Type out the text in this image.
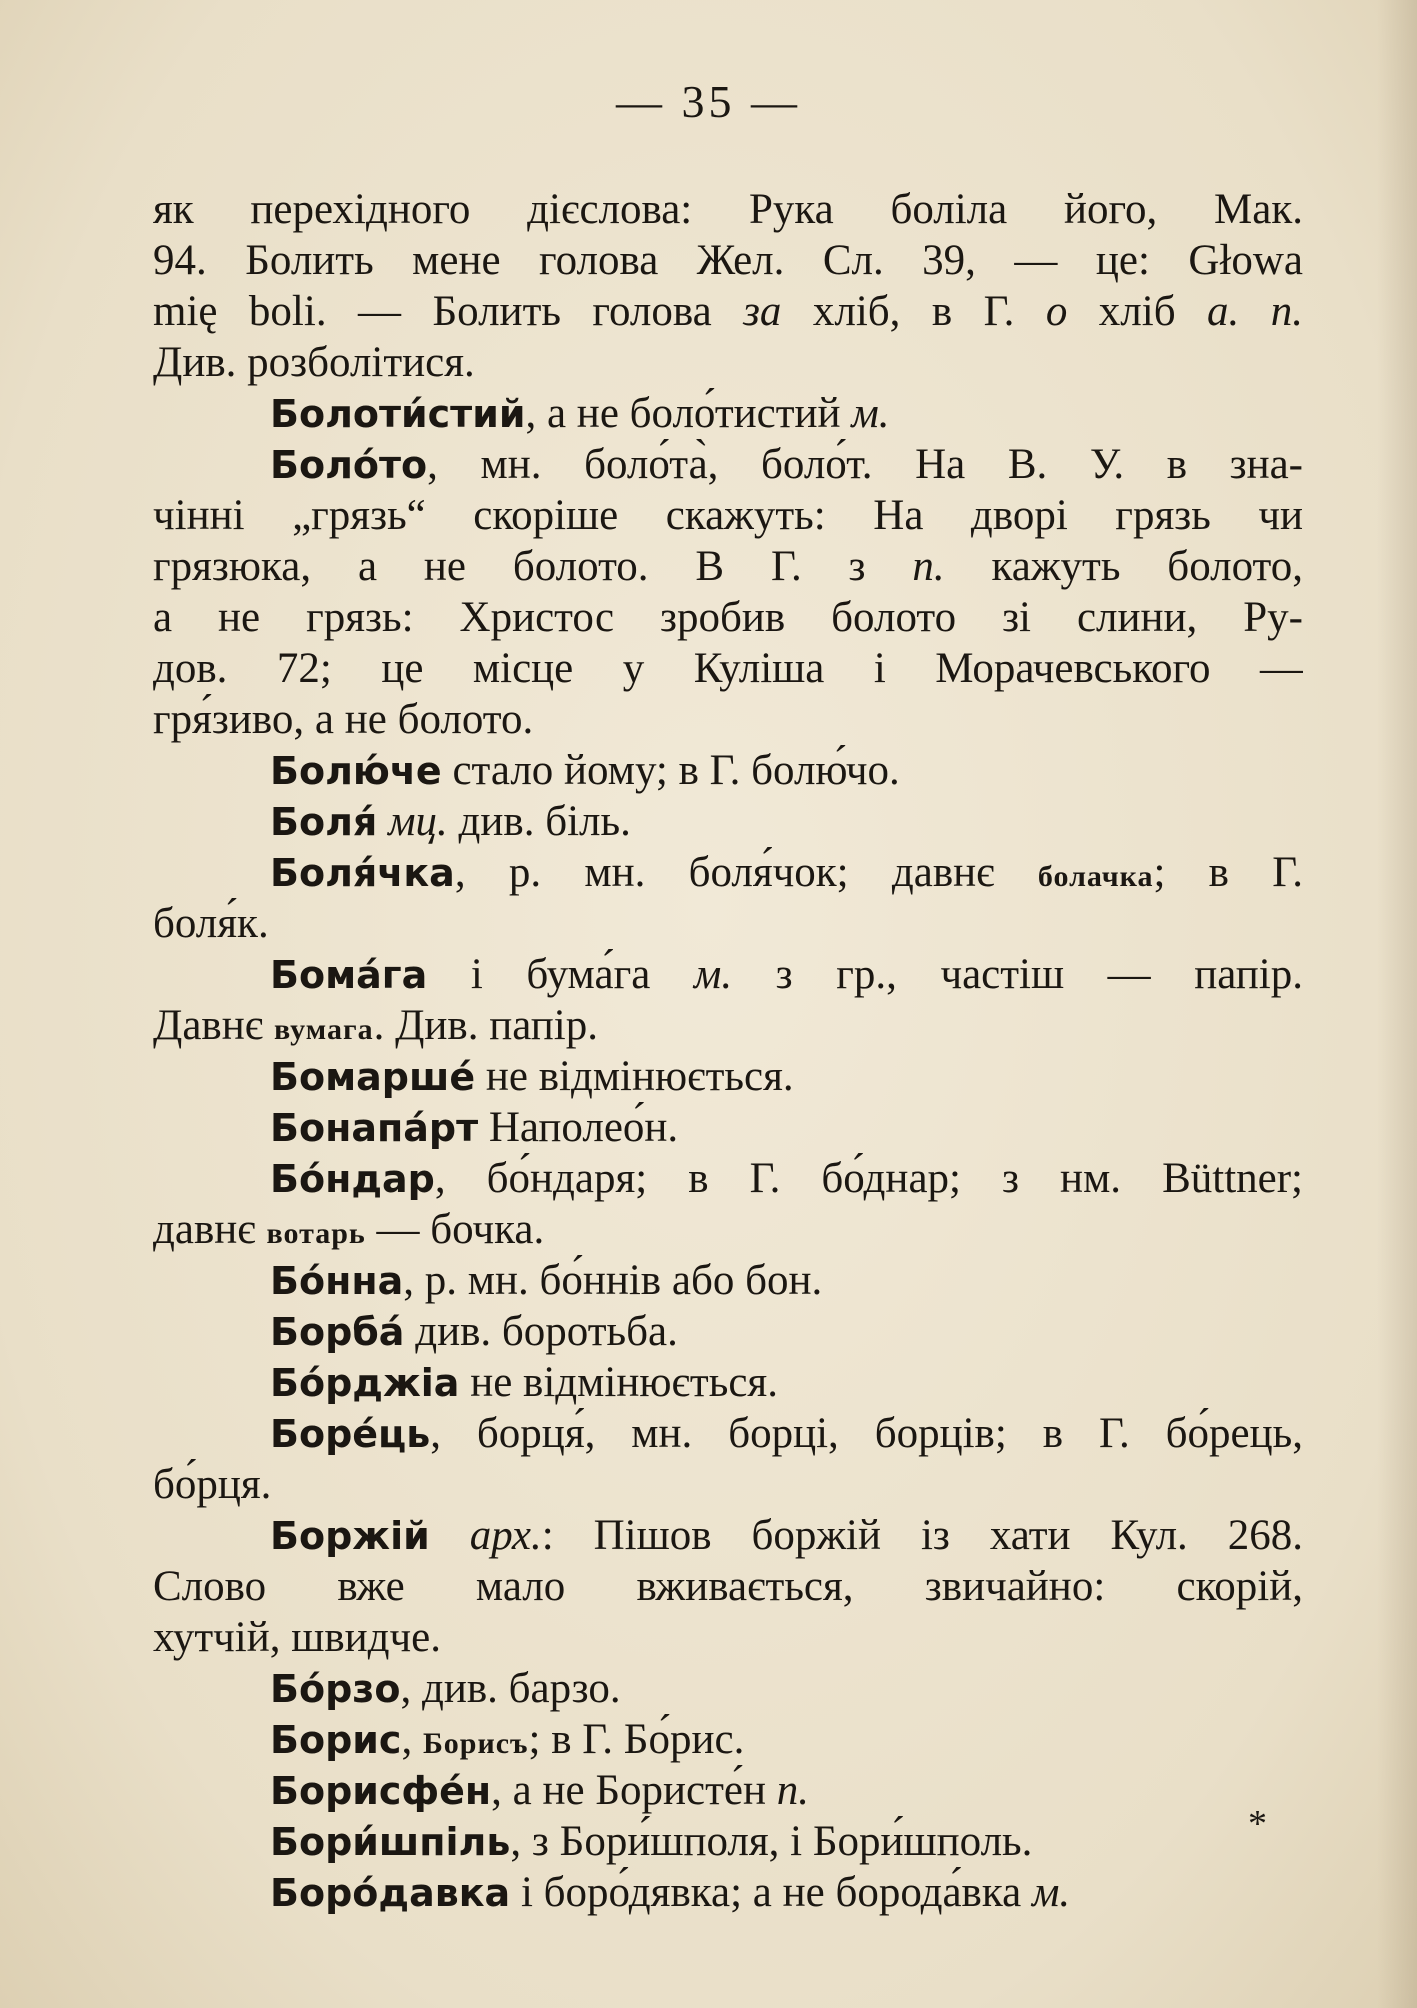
— 35 —
як перехідного дієслова: Рука боліла його, Мак.
94. Болить мене голова Жел. Сл. 39, — це: Głowa
mię boli. — Болить голова за хліб, в Г. о хліб а. п.
Див. розболітися.
Болоти́стий, а не боло́тистий м.
Боло́то, мн. боло́та̀, боло́т. На В. У. в зна-
чінні „грязь“ скоріше скажуть: На дворі грязь чи
грязюка, а не болото. В Г. з п. кажуть болото,
а не грязь: Христос зробив болото зі слини, Ру-
дов. 72; це місце у Куліша і Морачевського —
гря́зиво, а не болото.
Болю́че стало йому; в Г. болю́чо.
Боля́ мц. див. біль.
Боля́чка, р. мн. боля́чок; давнє болачка; в Г.
боля́к.
Бома́га і бума́га м. з гр., частіш — папір.
Давнє вумага. Див. папір.
Бомарше́ не відмінюється.
Бонапа́рт Наполео́н.
Бо́ндар, бо́ндаря; в Г. бо́днар; з нм. Büttner;
давнє вотарь — бочка.
Бо́нна, р. мн. бо́ннів або бон.
Борба́ див. боротьба.
Бо́рджіа не відмінюється.
Боре́ць, борця́, мн. борці, борців; в Г. бо́рець,
бо́рця.
Боржій арх.: Пішов боржій із хати Кул. 268.
Слово вже мало вживається, звичайно: скорій,
хутчій, швидче.
Бо́рзо, див. барзо.
Борис, Борисъ; в Г. Бо́рис.
Борисфе́н, а не Бористе́н п.
Бори́шпіль, з Бори́шполя, і Бори́шполь.
Боро́давка і боро́дявка; а не борода́вка м.
*
